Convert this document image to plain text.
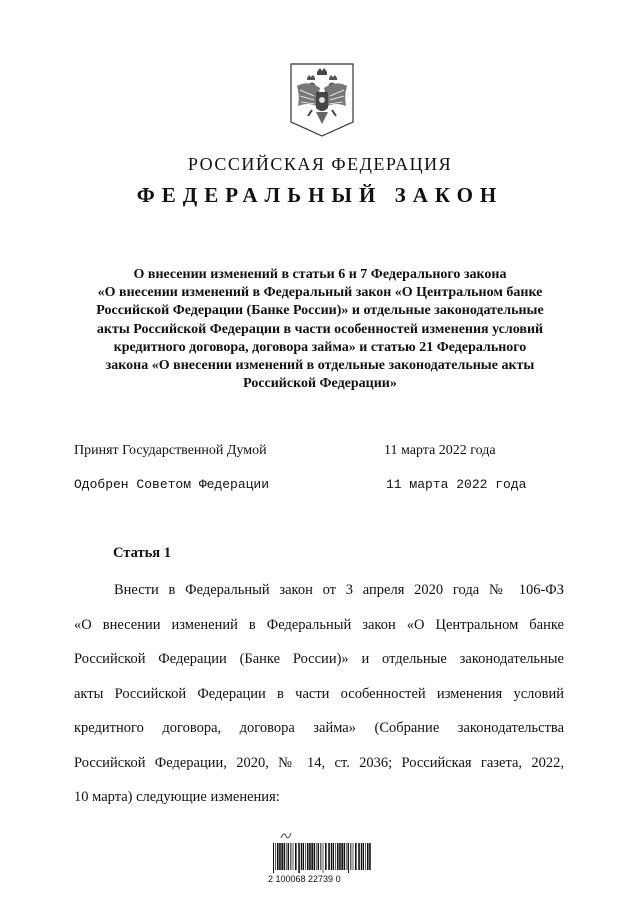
РОССИЙСКАЯ ФЕДЕРАЦИЯ
ФЕДЕРАЛЬНЫЙ ЗАКОН
О внесении изменений в статьи 6 и 7 Федерального закона
«О внесении изменений в Федеральный закон «О Центральном банке
Российской Федерации (Банке России)» и отдельные законодательные
акты Российской Федерации в части особенностей изменения условий
кредитного договора, договора займа» и статью 21 Федерального
закона «О внесении изменений в отдельные законодательные акты
Российской Федерации»
Принят Государственной Думой	11 марта 2022 года
Одобрен Советом Федерации	11 марта 2022 года
Статья 1
Внести в Федеральный закон от 3 апреля 2020 года № 106-ФЗ
«О внесении изменений в Федеральный закон «О Центральном банке
Российской Федерации (Банке России)» и отдельные законодательные
акты Российской Федерации в части особенностей изменения условий
кредитного договора, договора займа» (Собрание законодательства
Российской Федерации, 2020, № 14, ст. 2036; Российская газета, 2022,
10 марта) следующие изменения:
2 100068 22739 0
